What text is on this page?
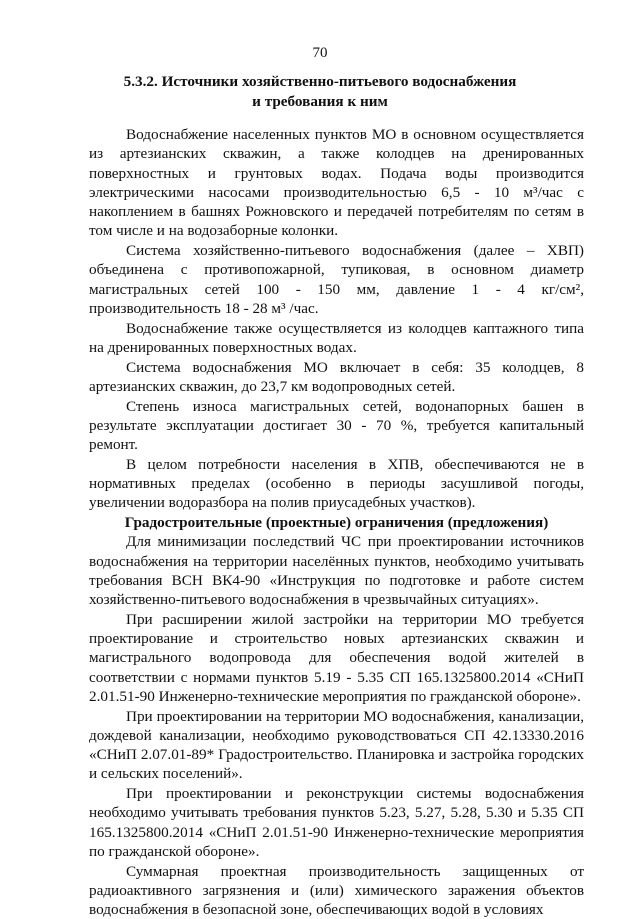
70
5.3.2. Источники хозяйственно-питьевого водоснабжения
и требования к ним

Водоснабжение населенных пунктов МО в основном осуществляется из артезианских скважин, а также колодцев на дренированных поверхностных и грунтовых водах. Подача воды производится электрическими насосами производительностью 6,5 - 10 м³/час с накоплением в башнях Рожновского и передачей потребителям по сетям в том числе и на водозаборные колонки.

Система хозяйственно-питьевого водоснабжения (далее – ХВП) объединена с противопожарной, тупиковая, в основном диаметр магистральных сетей 100 - 150 мм, давление 1 - 4 кг/см², производительность 18 - 28 м³ /час.

Водоснабжение также осуществляется из колодцев каптажного типа на дренированных поверхностных водах.

Система водоснабжения МО включает в себя: 35 колодцев, 8 артезианских скважин, до 23,7 км водопроводных сетей.

Степень износа магистральных сетей, водонапорных башен в результате эксплуатации достигает 30 - 70 %, требуется капитальный ремонт.

В целом потребности населения в ХПВ, обеспечиваются не в нормативных пределах (особенно в периоды засушливой погоды, увеличении водоразбора на полив приусадебных участков).

Градостроительные (проектные) ограничения (предложения)

Для минимизации последствий ЧС при проектировании источников водоснабжения на территории населённых пунктов, необходимо учитывать требования ВСН ВК4-90 «Инструкция по подготовке и работе систем хозяйственно-питьевого водоснабжения в чрезвычайных ситуациях».

При расширении жилой застройки на территории МО требуется проектирование и строительство новых артезианских скважин и магистрального водопровода для обеспечения водой жителей в соответствии с нормами пунктов 5.19 - 5.35 СП 165.1325800.2014 «СНиП 2.01.51-90 Инженерно-технические мероприятия по гражданской обороне».

При проектировании на территории МО водоснабжения, канализации, дождевой канализации, необходимо руководствоваться СП 42.13330.2016 «СНиП 2.07.01-89* Градостроительство. Планировка и застройка городских и сельских поселений».

При проектировании и реконструкции системы водоснабжения необходимо учитывать требования пунктов 5.23, 5.27, 5.28, 5.30 и 5.35 СП 165.1325800.2014 «СНиП 2.01.51-90 Инженерно-технические мероприятия по гражданской обороне».

Суммарная проектная производительность защищенных от радиоактивного загрязнения и (или) химического заражения объектов водоснабжения в безопасной зоне, обеспечивающих водой в условиях
